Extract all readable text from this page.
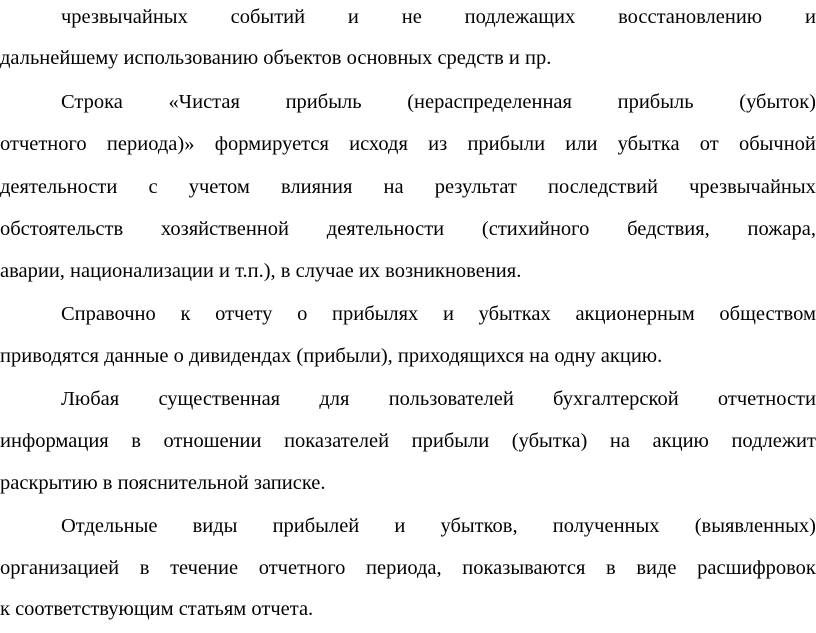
чрезвычайных событий и не подлежащих восстановлению и
дальнейшему использованию объектов основных средств и пр.
Строка «Чистая прибыль (нераспределенная прибыль (убыток)
отчетного периода)» формируется исходя из прибыли или убытка от обычной
деятельности с учетом влияния на результат последствий чрезвычайных
обстоятельств хозяйственной деятельности (стихийного бедствия, пожара,
аварии, национализации и т.п.), в случае их возникновения.
Справочно к отчету о прибылях и убытках акционерным обществом
приводятся данные о дивидендах (прибыли), приходящихся на одну акцию.
Любая существенная для пользователей бухгалтерской отчетности
информация в отношении показателей прибыли (убытка) на акцию подлежит
раскрытию в пояснительной записке.
Отдельные виды прибылей и убытков, полученных (выявленных)
организацией в течение отчетного периода, показываются в виде расшифровок
к соответствующим статьям отчета.
